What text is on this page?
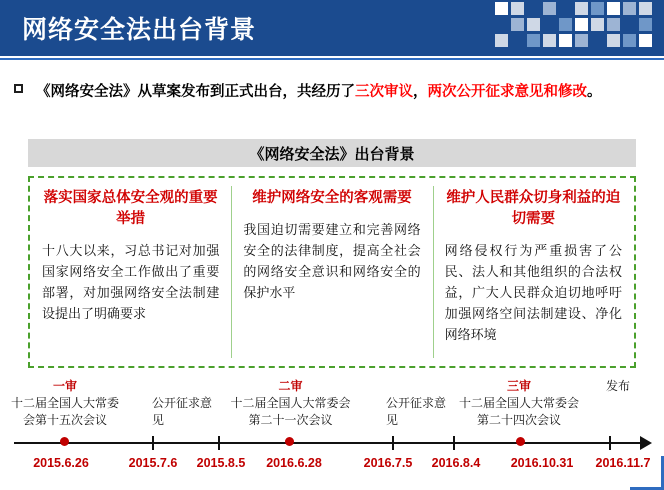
网络安全法出台背景
《网络安全法》从草案发布到正式出台，共经历了三次审议，两次公开征求意见和修改。
《网络安全法》出台背景
落实国家总体安全观的重要举措
十八大以来，习总书记对加强国家网络安全工作做出了重要部署，对加强网络安全法制建设提出了明确要求
维护网络安全的客观需要
我国迫切需要建立和完善网络安全的法律制度，提高全社会的网络安全意识和网络安全的保护水平
维护人民群众切身利益的迫切需要
网络侵权行为严重损害了公民、法人和其他组织的合法权益，广大人民群众迫切地呼吁加强网络空间法制建设、净化网络环境
一审
十二届全国人大常委会第十五次会议
公开征求意见
二审
十二届全国人大常委会第二十一次会议
公开征求意见
三审
十二届全国人大常委会第二十四次会议
发布
2015.6.26	2015.7.6	2015.8.5	2016.6.28	2016.7.5	2016.8.4	2016.10.31	2016.11.7
